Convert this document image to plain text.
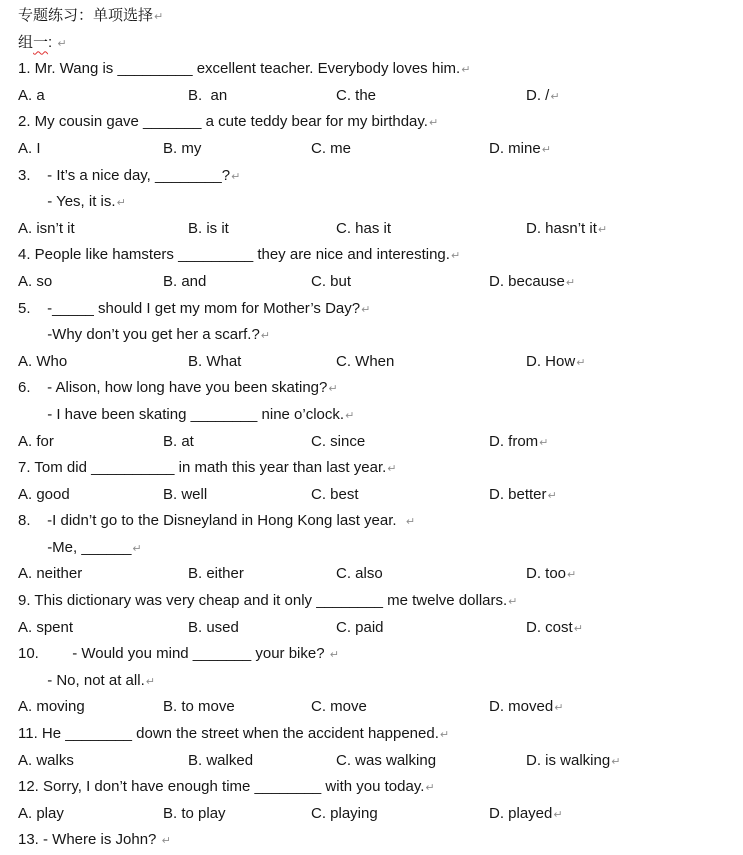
专题练习：单项选择↵
组一: ↵
1. Mr. Wang is _________ excellent teacher. Everybody loves him.↵
A. a	B.  an	C. the	D. /↵
2. My cousin gave _______ a cute teddy bear for my birthday.↵
A. I	B. my	C. me	D. mine↵
3.    - It’s a nice day, ________?↵
- Yes, it is.↵
A. isn’t it	B. is it	C. has it	D. hasn’t it↵
4. People like hamsters _________ they are nice and interesting.↵
A. so	B. and	C. but	D. because↵
5.    -_____ should I get my mom for Mother’s Day?↵
-Why don’t you get her a scarf.?↵
A. Who	B. What	C. When	D. How↵
6.    - Alison, how long have you been skating?↵
- I have been skating ________ nine o’clock.↵
A. for	B. at	C. since	D. from↵
7. Tom did __________ in math this year than last year.↵
A. good	B. well	C. best	D. better↵
8.    -I didn’t go to the Disneyland in Hong Kong last year.  ↵
-Me, ______↵
A. neither	B. either	C. also	D. too↵
9. This dictionary was very cheap and it only ________ me twelve dollars.↵
A. spent	B. used	C. paid	D. cost↵
10.        - Would you mind _______ your bike? ↵
- No, not at all.↵
A. moving	B. to move	C. move	D. moved↵
11. He ________ down the street when the accident happened.↵
A. walks	B. walked	C. was walking	D. is walking↵
12. Sorry, I don’t have enough time ________ with you today.↵
A. play	B. to play	C. playing	D. played↵
13. - Where is John? ↵
